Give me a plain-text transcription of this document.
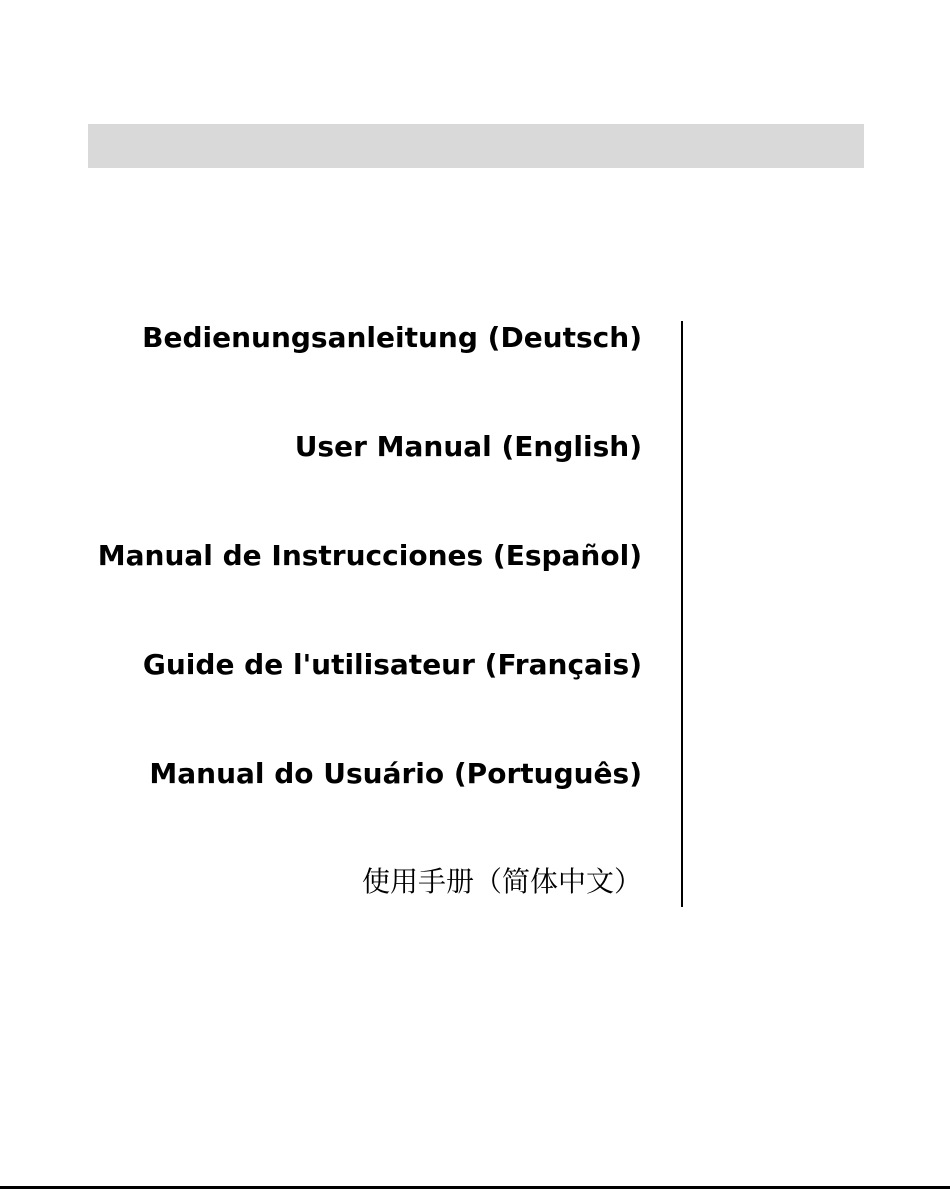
Bedienungsanleitung (Deutsch)
User Manual (English)
Manual de Instrucciones (Español)
Guide de l'utilisateur (Français)
Manual do Usuário (Português)
使用手册（简体中文）
